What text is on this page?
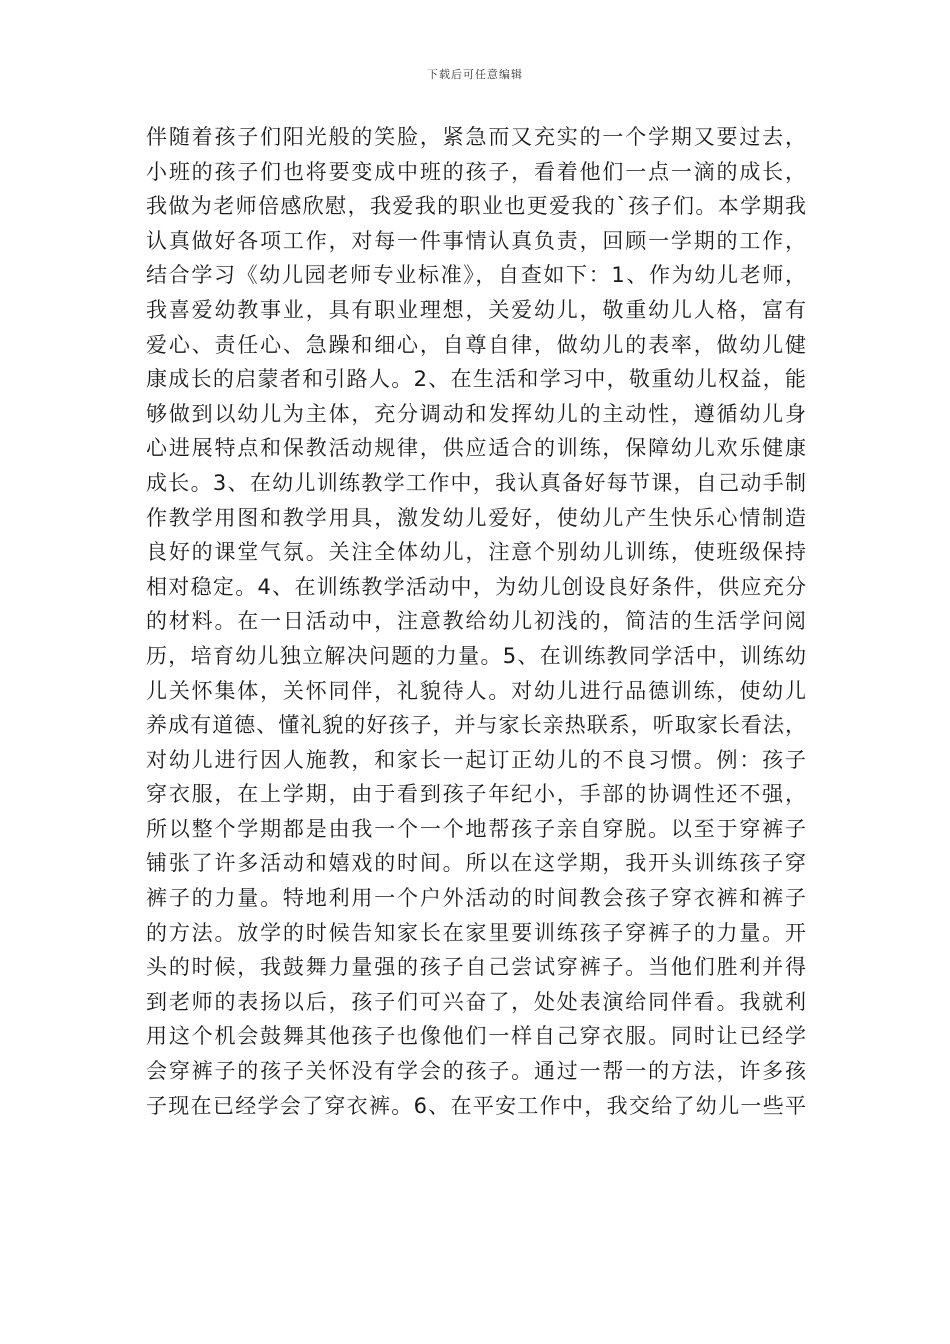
下载后可任意编辑
伴随着孩子们阳光般的笑脸，紧急而又充实的一个学期又要过去，
小班的孩子们也将要变成中班的孩子，看着他们一点一滴的成长，
我做为老师倍感欣慰，我爱我的职业也更爱我的`孩子们。本学期我
认真做好各项工作，对每一件事情认真负责，回顾一学期的工作，
结合学习《幼儿园老师专业标准》，自查如下：1、作为幼儿老师，
我喜爱幼教事业，具有职业理想，关爱幼儿，敬重幼儿人格，富有
爱心、责任心、急躁和细心，自尊自律，做幼儿的表率，做幼儿健
康成长的启蒙者和引路人。2、在生活和学习中，敬重幼儿权益，能
够做到以幼儿为主体，充分调动和发挥幼儿的主动性，遵循幼儿身
心进展特点和保教活动规律，供应适合的训练，保障幼儿欢乐健康
成长。3、在幼儿训练教学工作中，我认真备好每节课，自己动手制
作教学用图和教学用具，激发幼儿爱好，使幼儿产生快乐心情制造
良好的课堂气氛。关注全体幼儿，注意个别幼儿训练，使班级保持
相对稳定。4、在训练教学活动中，为幼儿创设良好条件，供应充分
的材料。在一日活动中，注意教给幼儿初浅的，简洁的生活学问阅
历，培育幼儿独立解决问题的力量。5、在训练教同学活中，训练幼
儿关怀集体，关怀同伴，礼貌待人。对幼儿进行品德训练，使幼儿
养成有道德、懂礼貌的好孩子，并与家长亲热联系，听取家长看法，
对幼儿进行因人施教，和家长一起订正幼儿的不良习惯。例：孩子
穿衣服，在上学期，由于看到孩子年纪小，手部的协调性还不强，
所以整个学期都是由我一个一个地帮孩子亲自穿脱。以至于穿裤子
铺张了许多活动和嬉戏的时间。所以在这学期，我开头训练孩子穿
裤子的力量。特地利用一个户外活动的时间教会孩子穿衣裤和裤子
的方法。放学的时候告知家长在家里要训练孩子穿裤子的力量。开
头的时候，我鼓舞力量强的孩子自己尝试穿裤子。当他们胜利并得
到老师的表扬以后，孩子们可兴奋了，处处表演给同伴看。我就利
用这个机会鼓舞其他孩子也像他们一样自己穿衣服。同时让已经学
会穿裤子的孩子关怀没有学会的孩子。通过一帮一的方法，许多孩
子现在已经学会了穿衣裤。6、在平安工作中，我交给了幼儿一些平
